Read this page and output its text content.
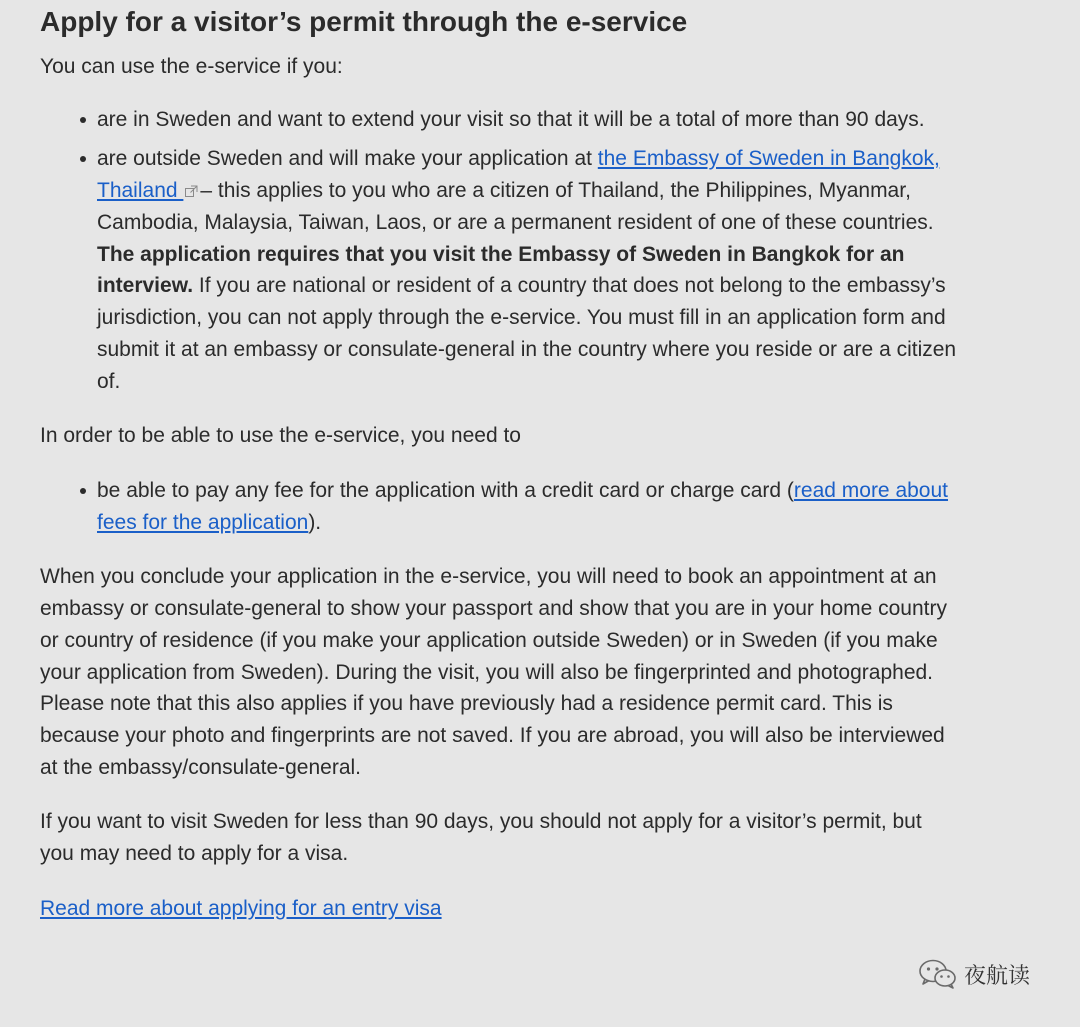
Apply for a visitor’s permit through the e-service

You can use the e-service if you:

are in Sweden and want to extend your visit so that it will be a total of more than 90 days.
are outside Sweden and will make your application at the Embassy of Sweden in Bangkok, Thailand – this applies to you who are a citizen of Thailand, the Philippines, Myanmar, Cambodia, Malaysia, Taiwan, Laos, or are a permanent resident of one of these countries. The application requires that you visit the Embassy of Sweden in Bangkok for an interview. If you are national or resident of a country that does not belong to the embassy’s jurisdiction, you can not apply through the e-service. You must fill in an application form and submit it at an embassy or consulate-general in the country where you reside or are a citizen of.

In order to be able to use the e-service, you need to

be able to pay any fee for the application with a credit card or charge card (read more about fees for the application).

When you conclude your application in the e-service, you will need to book an appointment at an embassy or consulate-general to show your passport and show that you are in your home country or country of residence (if you make your application outside Sweden) or in Sweden (if you make your application from Sweden). During the visit, you will also be fingerprinted and photographed. Please note that this also applies if you have previously had a residence permit card. This is because your photo and fingerprints are not saved. If you are abroad, you will also be interviewed at the embassy/consulate-general.

If you want to visit Sweden for less than 90 days, you should not apply for a visitor’s permit, but you may need to apply for a visa.

Read more about applying for an entry visa

夜航读
